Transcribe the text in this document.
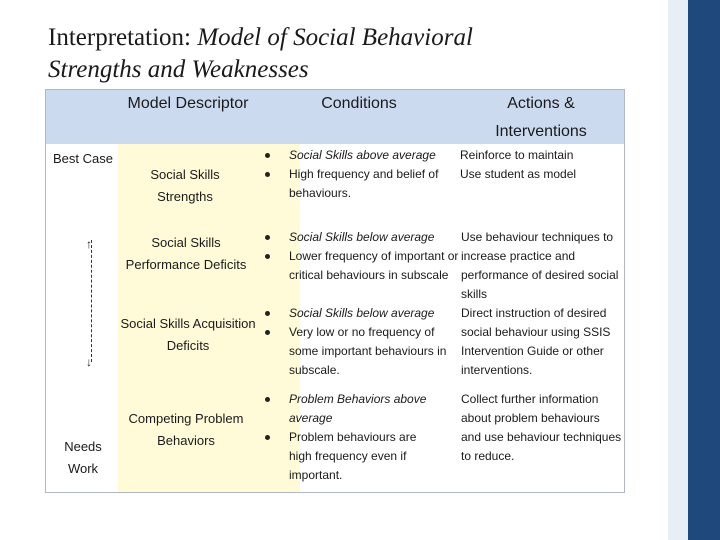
Interpretation: Model of Social Behavioral
Strengths and Weaknesses
Model Descriptor	Conditions	Actions & Interventions
Best Case
↑
↓
Needs Work
Social Skills Strengths
Social Skills Performance Deficits
Social Skills Acquisition Deficits
Competing Problem Behaviors
Social Skills above average
High frequency and belief of behaviours.
Social Skills below average
Lower frequency of important or critical behaviours in subscale
Social Skills below average
Very low or no frequency of some important behaviours in subscale.
Problem Behaviors above average
Problem behaviours are high frequency even if important.
Reinforce to maintain
Use student as model
Use behaviour techniques to increase practice and performance of desired social skills
Direct instruction of desired social behaviour using SSIS Intervention Guide or other interventions.
Collect further information about problem behaviours and use behaviour techniques to reduce.
